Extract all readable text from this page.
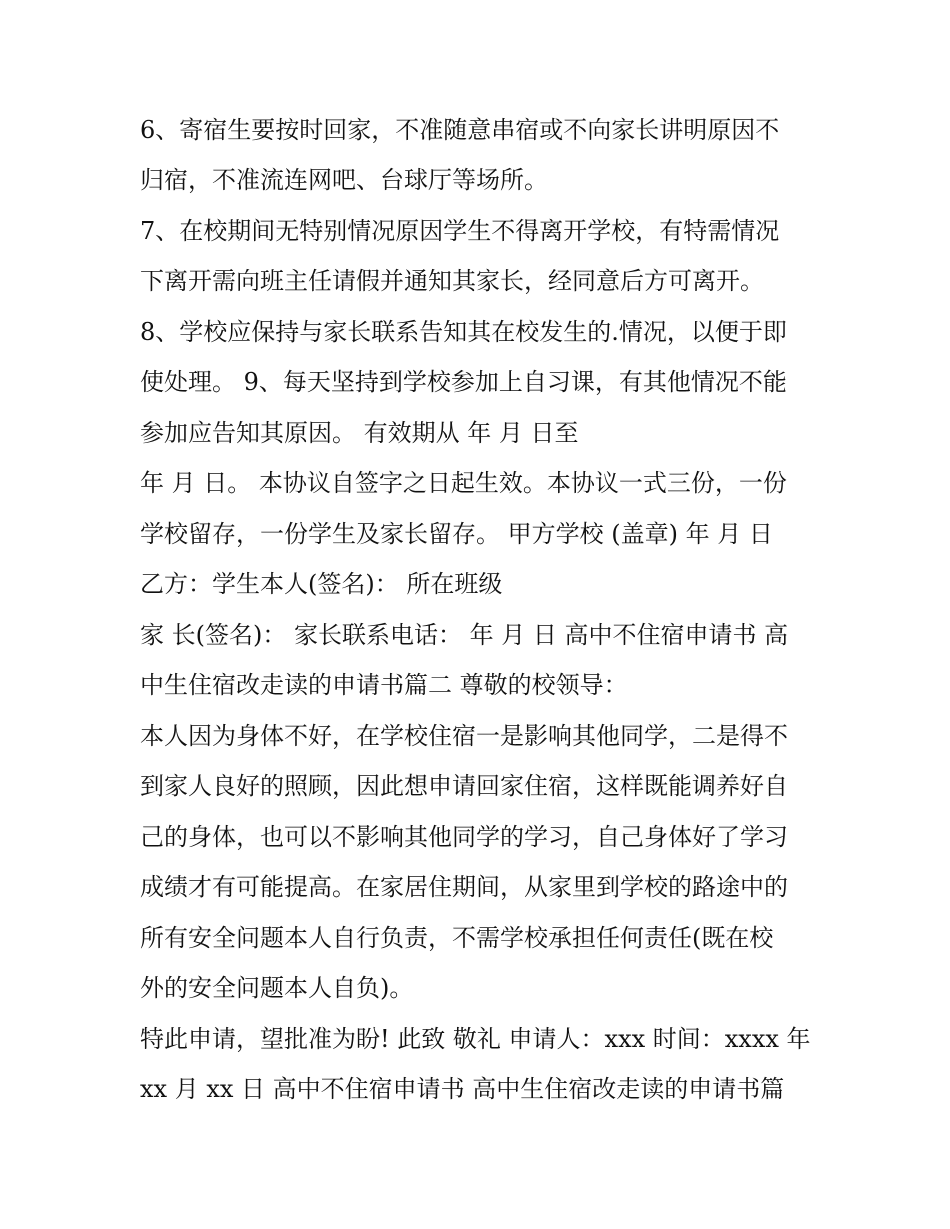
6、寄宿生要按时回家，不准随意串宿或不向家长讲明原因不
归宿，不准流连网吧、台球厅等场所。
7、在校期间无特别情况原因学生不得离开学校，有特需情况
下离开需向班主任请假并通知其家长，经同意后方可离开。
8、学校应保持与家长联系告知其在校发生的.情况，以便于即
使处理。 9、每天坚持到学校参加上自习课，有其他情况不能
参加应告知其原因。 有效期从 年 月 日至
年 月 日。 本协议自签字之日起生效。本协议一式三份，一份
学校留存，一份学生及家长留存。 甲方学校 (盖章) 年 月 日
乙方：学生本人(签名)： 所在班级
家 长(签名)： 家长联系电话： 年 月 日 高中不住宿申请书 高
中生住宿改走读的申请书篇二 尊敬的校领导：
本人因为身体不好，在学校住宿一是影响其他同学，二是得不
到家人良好的照顾，因此想申请回家住宿，这样既能调养好自
己的身体，也可以不影响其他同学的学习，自己身体好了学习
成绩才有可能提高。在家居住期间，从家里到学校的路途中的
所有安全问题本人自行负责，不需学校承担任何责任(既在校
外的安全问题本人自负)。
特此申请，望批准为盼! 此致 敬礼 申请人：xxx 时间：xxxx 年
xx 月 xx 日 高中不住宿申请书 高中生住宿改走读的申请书篇
